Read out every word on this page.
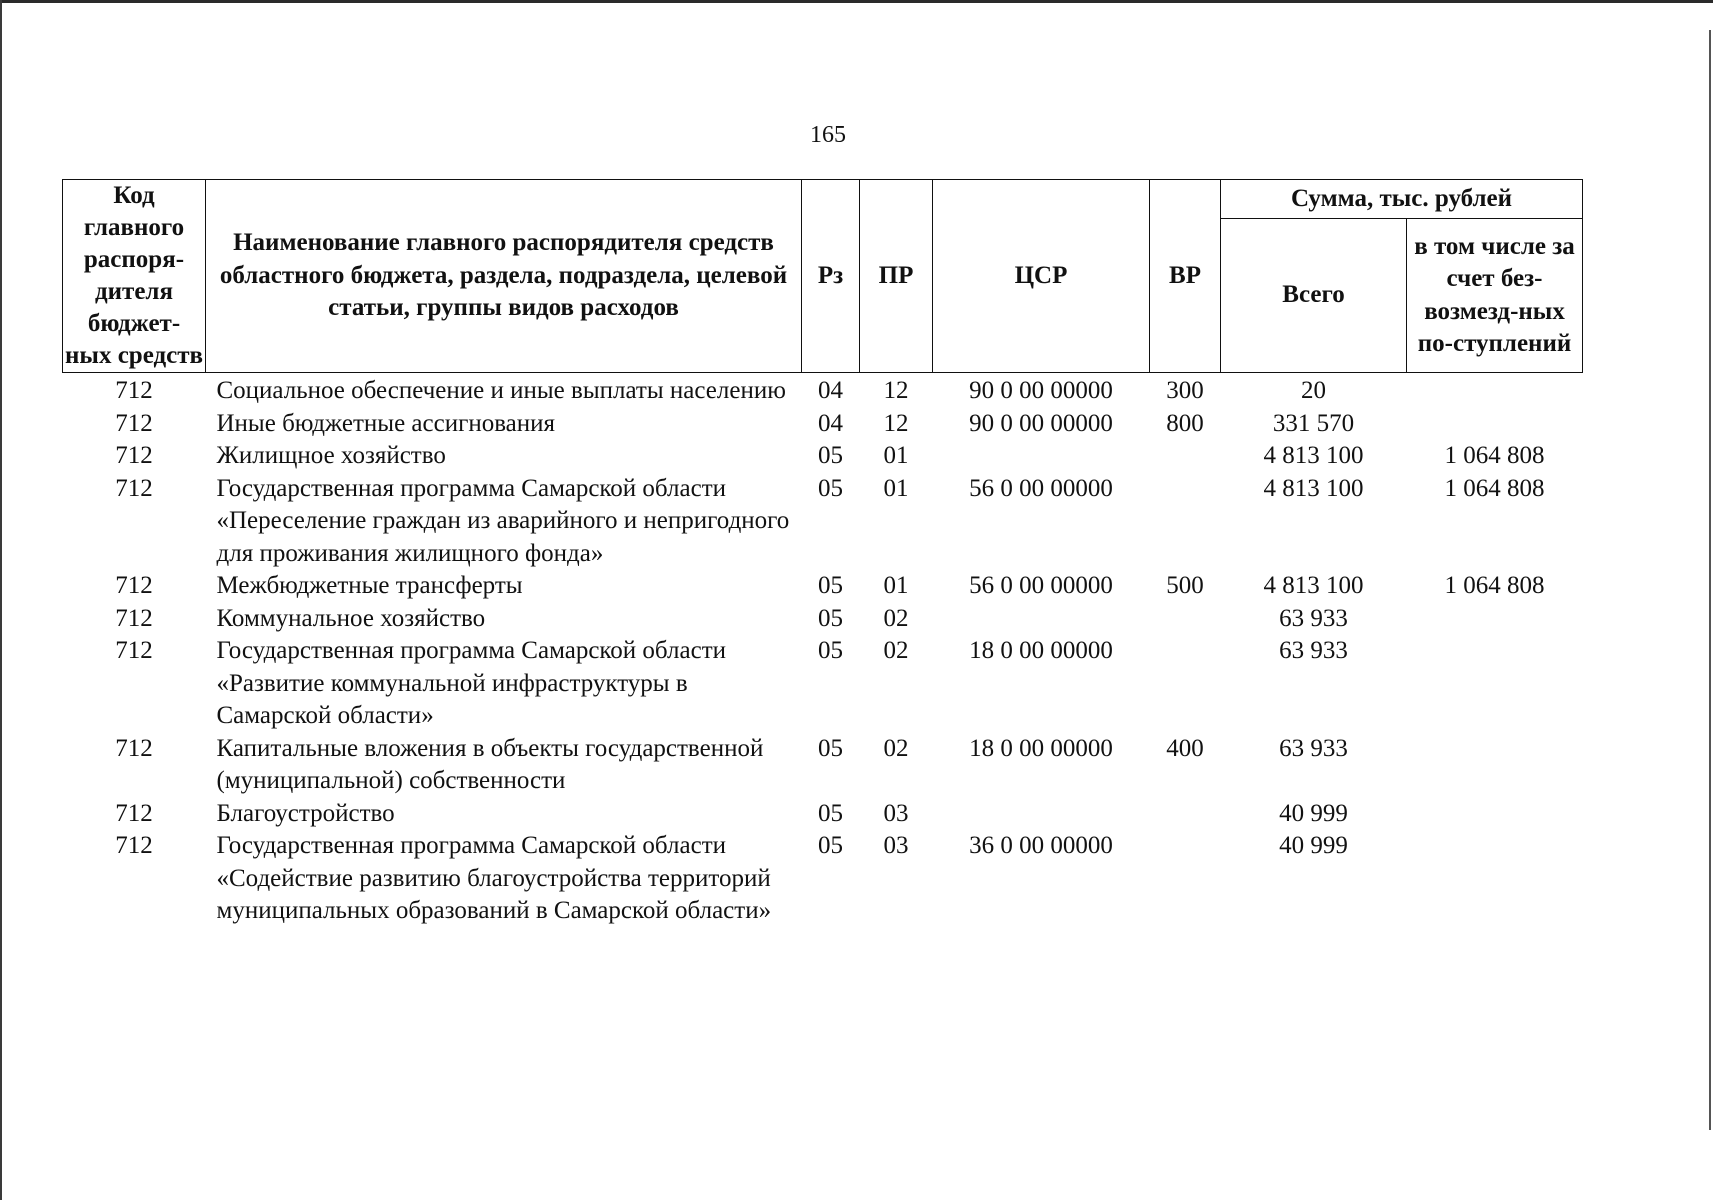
165
Код главного распоря-дителя бюджет-ных средств	Наименование главного распорядителя средств областного бюджета, раздела, подраздела, целевой статьи, группы видов расходов	Рз	ПР	ЦСР	ВР	Сумма, тыс. рублей	
						Всего	в том числе за счет без-возмезд-ных по-ступлений
712	Социальное обеспечение и иные выплаты населению	04	12	90 0 00 00000	300	20	
712	Иные бюджетные ассигнования	04	12	90 0 00 00000	800	331 570	
712	Жилищное хозяйство	05	01			4 813 100	1 064 808
712	Государственная программа Самарской области «Переселение граждан из аварийного и непригодного для проживания жилищного фонда»	05	01	56 0 00 00000		4 813 100	1 064 808
712	Межбюджетные трансферты	05	01	56 0 00 00000	500	4 813 100	1 064 808
712	Коммунальное хозяйство	05	02			63 933	
712	Государственная программа Самарской области «Развитие коммунальной инфраструктуры в Самарской области»	05	02	18 0 00 00000		63 933	
712	Капитальные вложения в объекты государственной (муниципальной) собственности	05	02	18 0 00 00000	400	63 933	
712	Благоустройство	05	03			40 999	
712	Государственная программа Самарской области «Содействие развитию благоустройства территорий муниципальных образований в Самарской области»	05	03	36 0 00 00000		40 999	
